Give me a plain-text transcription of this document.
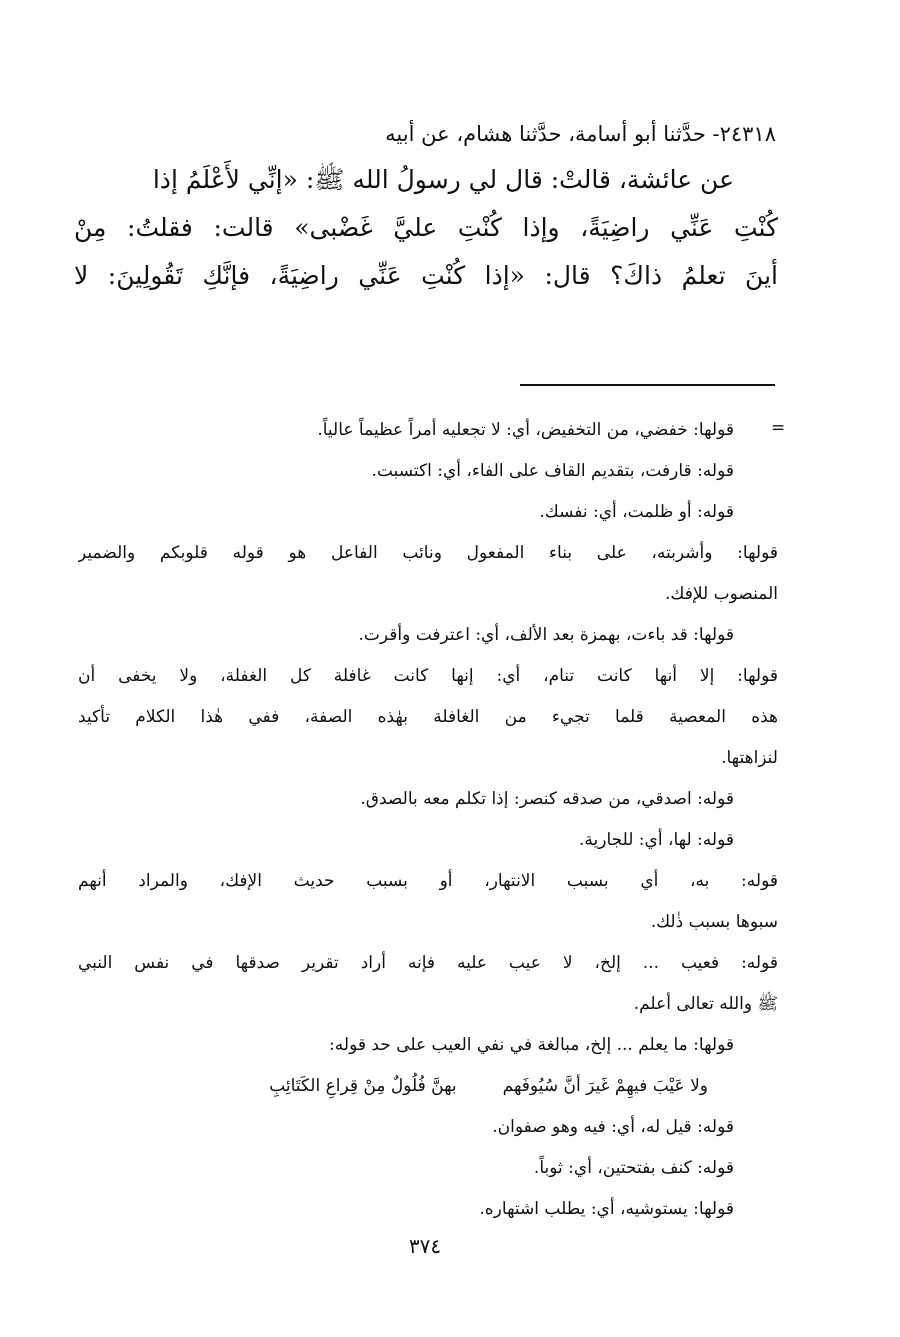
٢٤٣١٨- حدَّثنا أبو أسامة، حدَّثنا هشام، عن أبيه
عن عائشة، قالتْ: قال لي رسولُ الله ﷺ: «إنِّي لأَعْلَمُ إذا
كُنْتِ عَنِّي راضِيَةً، وإذا كُنْتِ عليَّ غَضْبى» قالت: فقلتُ: مِنْ
أينَ تعلمُ ذاكَ؟ قال: «إذا كُنْتِ عَنِّي راضِيَةً، فإنَّكِ تَقُولِينَ: لا
=
قولها: خفضي، من التخفيض، أي: لا تجعليه أمراً عظيماً عالياً.
قوله: قارفت، بتقديم القاف على الفاء، أي: اكتسبت.
قوله: أو ظلمت، أي: نفسك.
قولها: وأشربته، على بناء المفعول ونائب الفاعل هو قوله قلوبكم والضمير
المنصوب للإفك.
قولها: قد باءت، بهمزة بعد الألف، أي: اعترفت وأقرت.
قولها: إلا أنها كانت تنام، أي: إنها كانت غافلة كل الغفلة، ولا يخفى أن
هذه المعصية قلما تجيء من الغافلة بهٰذه الصفة، ففي هٰذا الكلام تأكيد
لنزاهتها.
قوله: اصدقي، من صدقه كنصر: إذا تكلم معه بالصدق.
قوله: لها، أي: للجارية.
قوله: به، أي بسبب الانتهار، أو بسبب حديث الإفك، والمراد أنهم
سبوها بسبب ذٰلك.
قوله: فعيب ... إلخ، لا عيب عليه فإنه أراد تقرير صدقها في نفس النبي
ﷺ والله تعالى أعلم.
قولها: ما يعلم ... إلخ، مبالغة في نفي العيب على حد قوله:
ولا عَيْبَ فيهِمْ غَيرَ أنَّ سُيُوفَهم
بهنَّ فُلُولٌ مِنْ قِراعِ الكَتَائِبِ
قوله: قيل له، أي: فيه وهو صفوان.
قوله: كنف بفتحتين، أي: ثوباً.
قولها: يستوشيه، أي: يطلب اشتهاره.
٣٧٤
